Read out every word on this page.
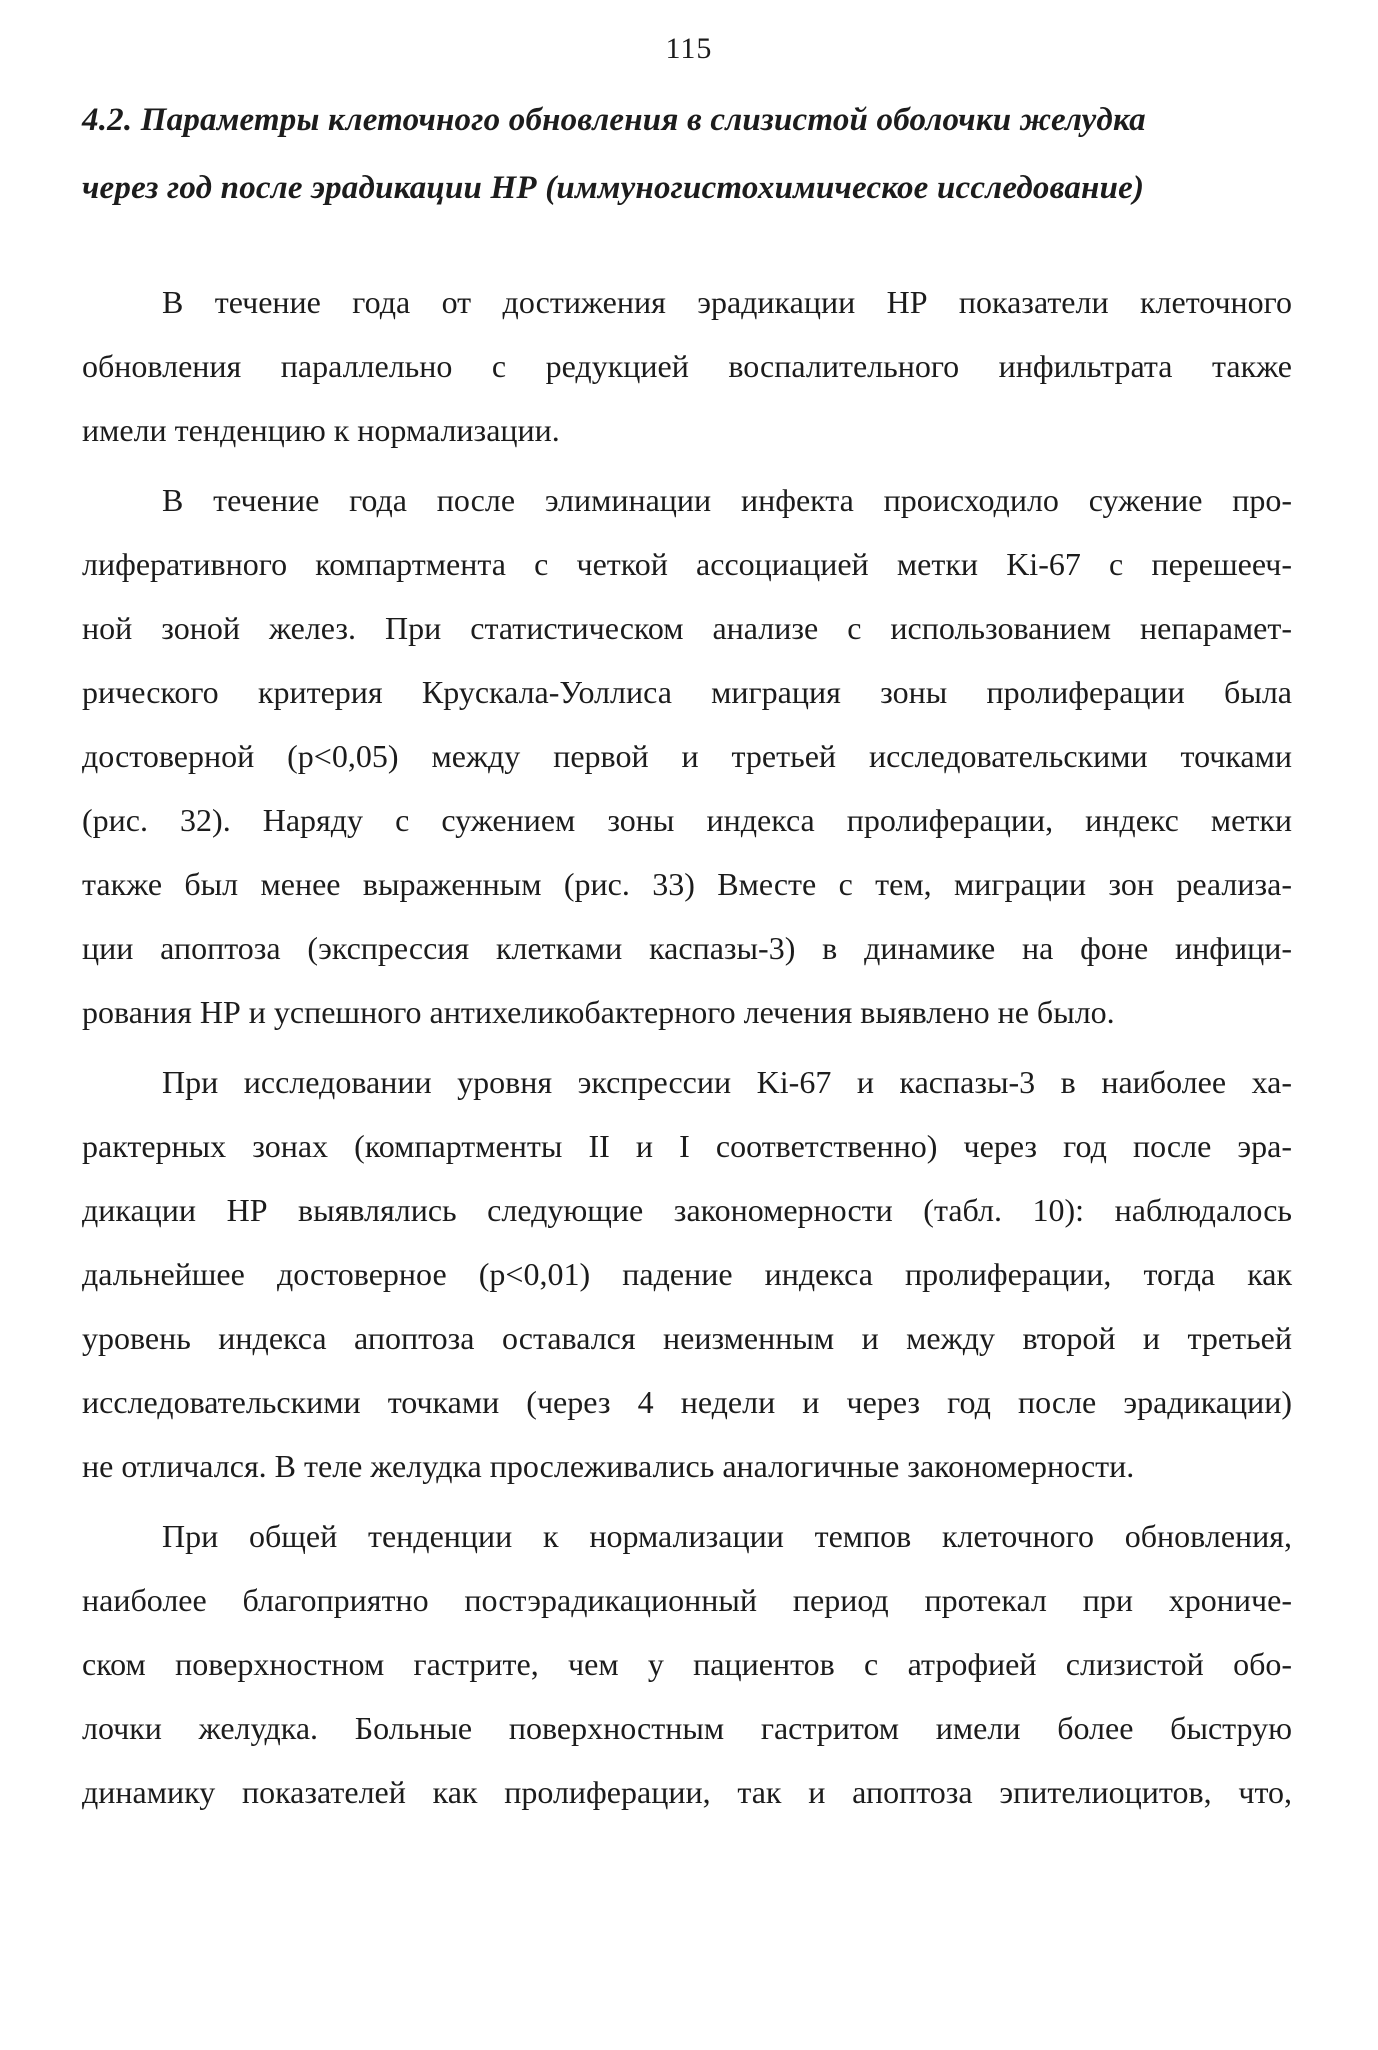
115
4.2. Параметры клеточного обновления в слизистой оболочки желудка
через год после эрадикации НР (иммуногистохимическое исследование)

В течение года от достижения эрадикации НР показатели клеточного
обновления параллельно с редукцией воспалительного инфильтрата также
имели тенденцию к нормализации.

В течение года после элиминации инфекта происходило сужение про-
лиферативного компартмента с четкой ассоциацией метки Ki-67 с перешееч-
ной зоной желез. При статистическом анализе с использованием непарамет-
рического критерия Крускала-Уоллиса миграция зоны пролиферации была
достоверной (р<0,05) между первой и третьей исследовательскими точками
(рис. 32). Наряду с сужением зоны индекса пролиферации, индекс метки
также был менее выраженным (рис. 33) Вместе с тем, миграции зон реализа-
ции апоптоза (экспрессия клетками каспазы-3) в динамике на фоне инфици-
рования НР и успешного антихеликобактерного лечения выявлено не было.

При исследовании уровня экспрессии Ki-67 и каспазы-3 в наиболее ха-
рактерных зонах (компартменты II и I соответственно) через год после эра-
дикации НР выявлялись следующие закономерности (табл. 10): наблюдалось
дальнейшее достоверное (р<0,01) падение индекса пролиферации, тогда как
уровень индекса апоптоза оставался неизменным и между второй и третьей
исследовательскими точками (через 4 недели и через год после эрадикации)
не отличался. В теле желудка прослеживались аналогичные закономерности.

При общей тенденции к нормализации темпов клеточного обновления,
наиболее благоприятно постэрадикационный период протекал при хрониче-
ском поверхностном гастрите, чем у пациентов с атрофией слизистой обо-
лочки желудка. Больные поверхностным гастритом имели более быструю
динамику показателей как пролиферации, так и апоптоза эпителиоцитов, что,
